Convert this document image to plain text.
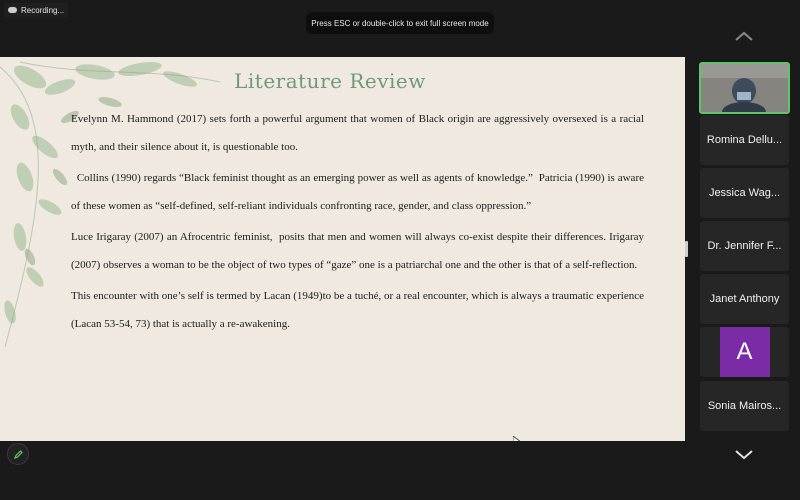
Recording...
Press ESC or double-click to exit full screen mode
Literature Review

Evelynn M. Hammond (2017) sets forth a powerful argument that women of Black origin are aggressively oversexed is a racial myth, and their silence about it, is questionable too.

Collins (1990) regards “Black feminist thought as an emerging power as well as agents of knowledge.”  Patricia (1990) is aware of these women as “self-defined, self-reliant individuals confronting race, gender, and class oppression.”

Luce Irigaray (2007) an Afrocentric feminist,  posits that men and women will always co-exist despite their differences. Irigaray (2007) observes a woman to be the object of two types of “gaze” one is a patriarchal one and the other is that of a self-reflection.

This encounter with one’s self is termed by Lacan (1949)to be a tuché, or a real encounter, which is always a traumatic experience (Lacan 53-54, 73) that is actually a re-awakening.

Romina Dellu...
Jessica Wag...
Dr. Jennifer F...
Janet Anthony
A
Sonia Mairos...
